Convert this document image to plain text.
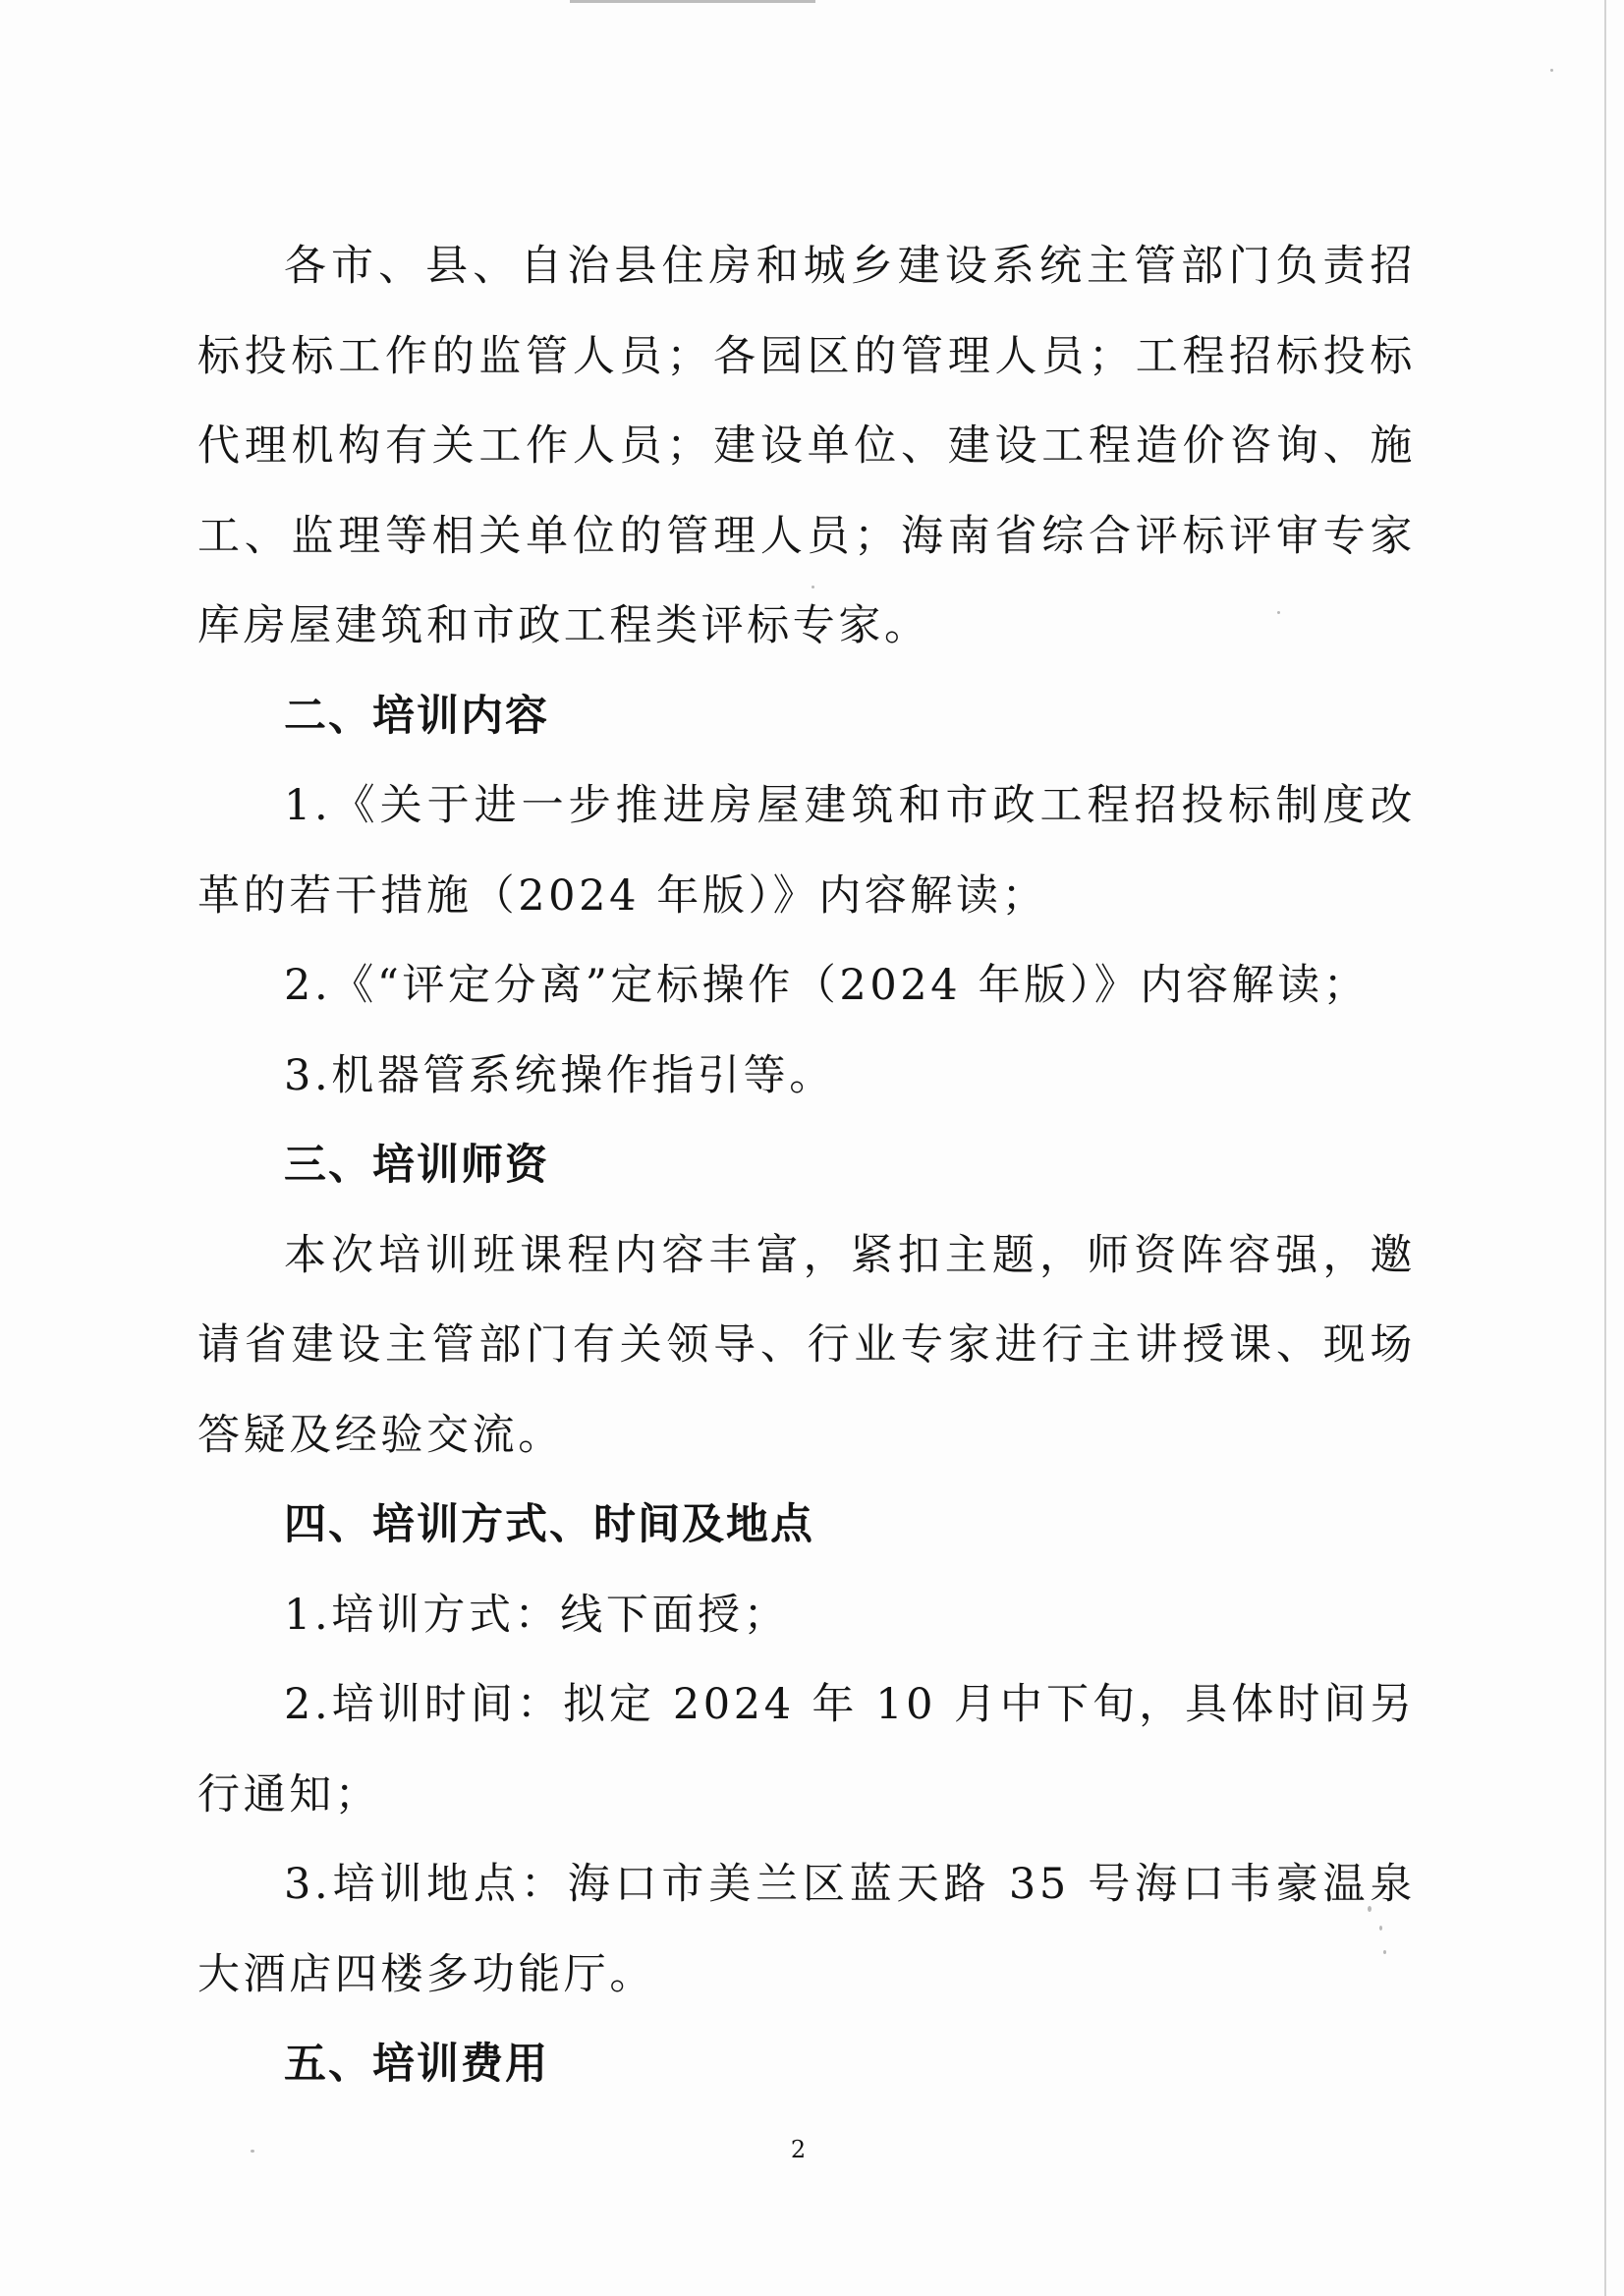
各市、县、自治县住房和城乡建设系统主管部门负责招标投标工作的监管人员；各园区的管理人员；工程招标投标代理机构有关工作人员；建设单位、建设工程造价咨询、施工、监理等相关单位的管理人员；海南省综合评标评审专家库房屋建筑和市政工程类评标专家。

二、培训内容

1.《关于进一步推进房屋建筑和市政工程招投标制度改革的若干措施（2024 年版）》内容解读；

2.《“评定分离”定标操作（2024 年版）》内容解读；

3.机器管系统操作指引等。

三、培训师资

本次培训班课程内容丰富，紧扣主题，师资阵容强，邀请省建设主管部门有关领导、行业专家进行主讲授课、现场答疑及经验交流。

四、培训方式、时间及地点

1.培训方式：线下面授；

2.培训时间：拟定 2024 年 10 月中下旬，具体时间另行通知；

3.培训地点：海口市美兰区蓝天路 35 号海口韦豪温泉大酒店四楼多功能厅。

五、培训费用

2
